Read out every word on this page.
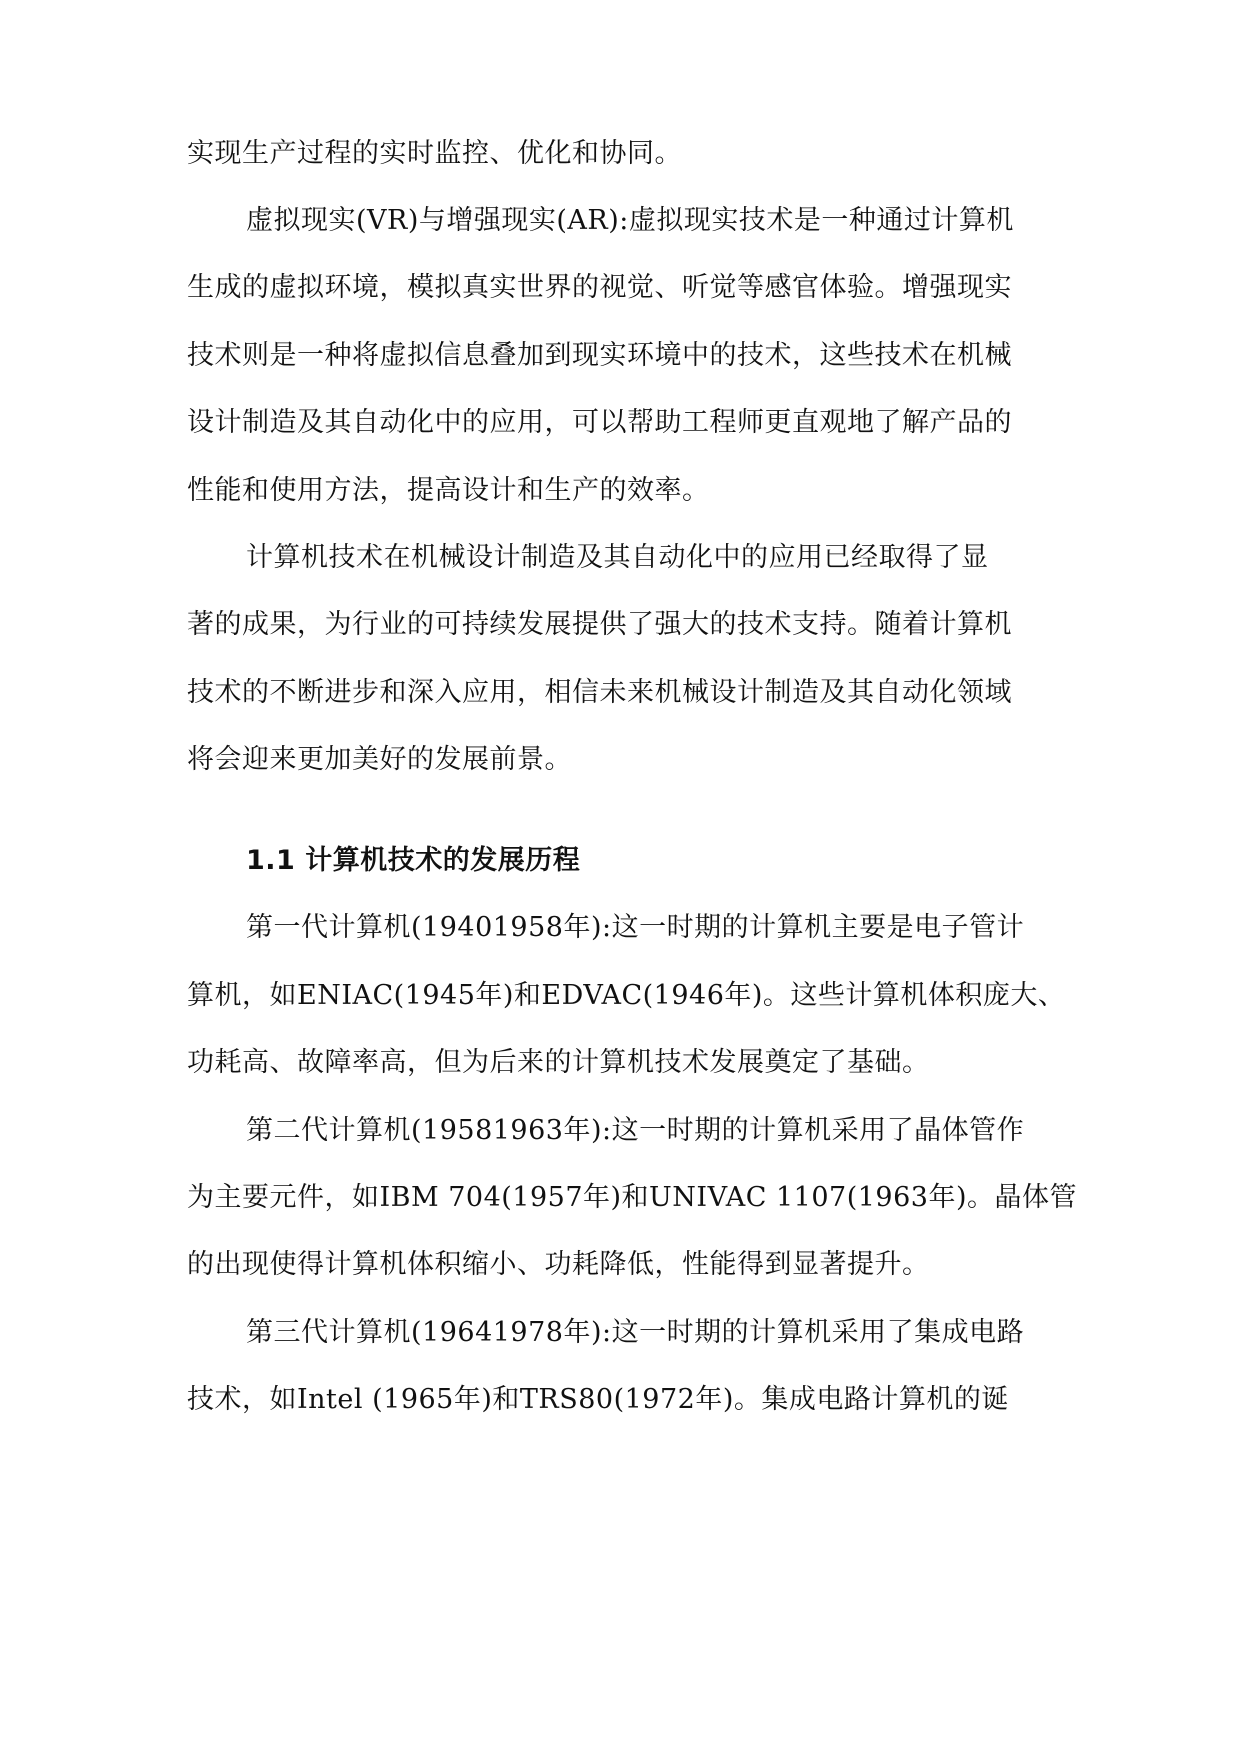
实现生产过程的实时监控、优化和协同。
虚拟现实(VR)与增强现实(AR):虚拟现实技术是一种通过计算机
生成的虚拟环境，模拟真实世界的视觉、听觉等感官体验。增强现实
技术则是一种将虚拟信息叠加到现实环境中的技术，这些技术在机械
设计制造及其自动化中的应用，可以帮助工程师更直观地了解产品的
性能和使用方法，提高设计和生产的效率。
计算机技术在机械设计制造及其自动化中的应用已经取得了显
著的成果，为行业的可持续发展提供了强大的技术支持。随着计算机
技术的不断进步和深入应用，相信未来机械设计制造及其自动化领域
将会迎来更加美好的发展前景。
1.1 计算机技术的发展历程
第一代计算机(19401958年):这一时期的计算机主要是电子管计
算机，如ENIAC(1945年)和EDVAC(1946年)。这些计算机体积庞大、
功耗高、故障率高，但为后来的计算机技术发展奠定了基础。
第二代计算机(19581963年):这一时期的计算机采用了晶体管作
为主要元件，如IBM 704(1957年)和UNIVAC 1107(1963年)。晶体管
的出现使得计算机体积缩小、功耗降低，性能得到显著提升。
第三代计算机(19641978年):这一时期的计算机采用了集成电路
技术，如Intel (1965年)和TRS80(1972年)。集成电路计算机的诞
